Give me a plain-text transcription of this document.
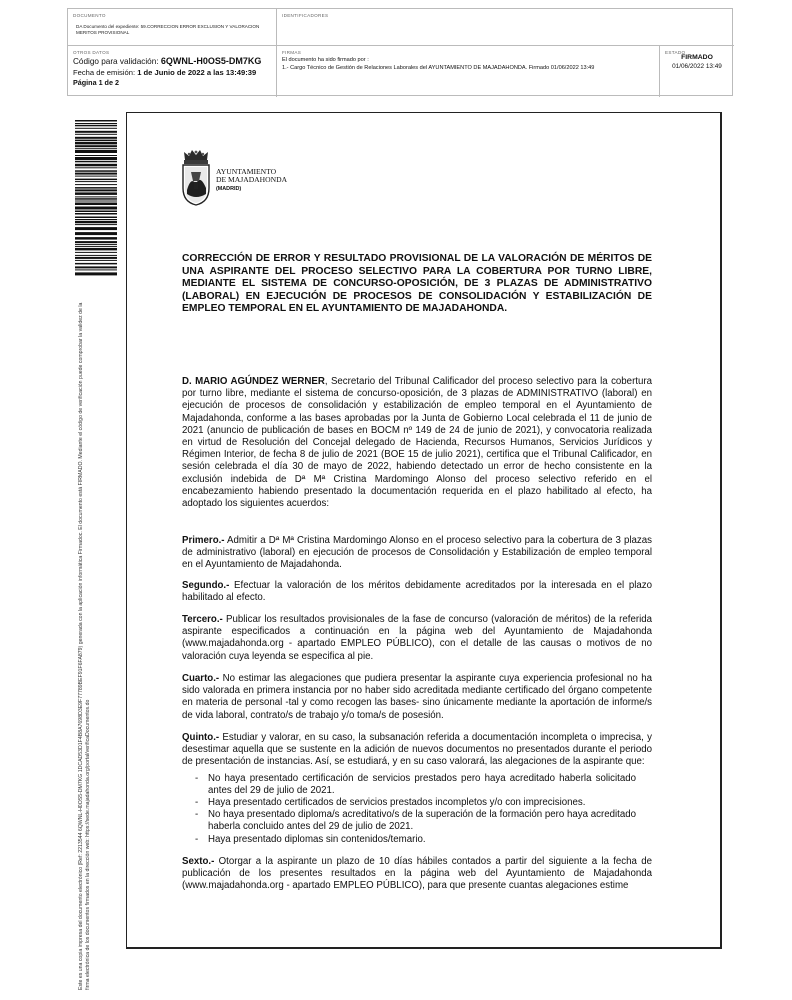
DOCUMENTO
DA Documento del expediente: 59.CORRECCION ERROR EXCLUSION Y VALORACION MERITOS PROVISIONAL
IDENTIFICADORES
OTROS DATOS
Código para validación: 6QWNL-H0OS5-DM7KG
Fecha de emisión: 1 de Junio de 2022 a las 13:49:39
Página 1 de 2
FIRMAS
El documento ha sido firmado por :
1.- Cargo Técnico de Gestión de Relaciones Laborales del AYUNTAMIENTO DE MAJADAHONDA. Firmado 01/06/2022 13:49
ESTADO
FIRMADO
01/06/2022 13:49
Este es una copia impresa del documento electrónico (Ref: 2213544 6QWNL-H0OS5-DM7KG 1DCAD53D1F4B8A7698D3E9F77789BEF91F6FA879) generada con la aplicación informática Firmadoc. El documento está FIRMADO. Mediante el código de verificación puede comprobar la validez de la firma electrónica de los documentos firmados en la dirección web: https://sede.majadahonda.org/portal/verificaDocumentos.do
AYUNTAMIENTO
DE MAJADAHONDA
(MADRID)
CORRECCIÓN DE ERROR Y RESULTADO PROVISIONAL DE LA VALORACIÓN DE MÉRITOS DE UNA ASPIRANTE DEL PROCESO SELECTIVO PARA LA COBERTURA POR TURNO LIBRE, MEDIANTE EL SISTEMA DE CONCURSO-OPOSICIÓN, DE 3 PLAZAS DE ADMINISTRATIVO (LABORAL) EN EJECUCIÓN DE PROCESOS DE CONSOLIDACIÓN Y ESTABILIZACIÓN DE EMPLEO TEMPORAL EN EL AYUNTAMIENTO DE MAJADAHONDA.

D. MARIO AGÚNDEZ WERNER, Secretario del Tribunal Calificador del proceso selectivo para la cobertura por turno libre, mediante el sistema de concurso-oposición, de 3 plazas de ADMINISTRATIVO (laboral) en ejecución de procesos de consolidación y estabilización de empleo temporal en el Ayuntamiento de Majadahonda, conforme a las bases aprobadas por la Junta de Gobierno Local celebrada el 11 de junio de 2021 (anuncio de publicación de bases en BOCM nº 149 de 24 de junio de 2021), y convocatoria realizada en virtud de Resolución del Concejal delegado de Hacienda, Recursos Humanos, Servicios Jurídicos y Régimen Interior, de fecha 8 de julio de 2021 (BOE 15 de julio 2021), certifica que el Tribunal Calificador, en sesión celebrada el día 30 de mayo de 2022, habiendo detectado un error de hecho consistente en la exclusión indebida de Dª Mª Cristina Mardomingo Alonso del proceso selectivo referido en el encabezamiento habiendo presentado la documentación requerida en el plazo habilitado al efecto, ha adoptado los siguientes acuerdos:

Primero.- Admitir a Dª Mª Cristina Mardomingo Alonso en el proceso selectivo para la cobertura de 3 plazas de administrativo (laboral) en ejecución de procesos de Consolidación y Estabilización de empleo temporal en el Ayuntamiento de Majadahonda.

Segundo.- Efectuar la valoración de los méritos debidamente acreditados por la interesada en el plazo habilitado al efecto.

Tercero.- Publicar los resultados provisionales de la fase de concurso (valoración de méritos) de la referida aspirante especificados a continuación en la página web del Ayuntamiento de Majadahonda (www.majadahonda.org - apartado EMPLEO PÚBLICO), con el detalle de las causas o motivos de no valoración cuya leyenda se especifica al pie.

Cuarto.- No estimar las alegaciones que pudiera presentar la aspirante cuya experiencia profesional no ha sido valorada en primera instancia por no haber sido acreditada mediante certificado del órgano competente en materia de personal -tal y como recogen las bases- sino únicamente mediante la aportación de informe/s de vida laboral, contrato/s de trabajo y/o toma/s de posesión.

Quinto.- Estudiar y valorar, en su caso, la subsanación referida a documentación incompleta o imprecisa, y desestimar aquella que se sustente en la adición de nuevos documentos no presentados durante el periodo de presentación de instancias. Así, se estudiará, y en su caso valorará, las alegaciones de la aspirante que:

- No haya presentado certificación de servicios prestados pero haya acreditado haberla solicitado antes del 29 de julio de 2021.
- Haya presentado certificados de servicios prestados incompletos y/o con imprecisiones.
- No haya presentado diploma/s acreditativo/s de la superación de la formación pero haya acreditado haberla concluido antes del 29 de julio de 2021.
- Haya presentado diplomas sin contenidos/temario.

Sexto.- Otorgar a la aspirante un plazo de 10 días hábiles contados a partir del siguiente a la fecha de publicación de los presentes resultados en la página web del Ayuntamiento de Majadahonda (www.majadahonda.org - apartado EMPLEO PÚBLICO), para que presente cuantas alegaciones estime
